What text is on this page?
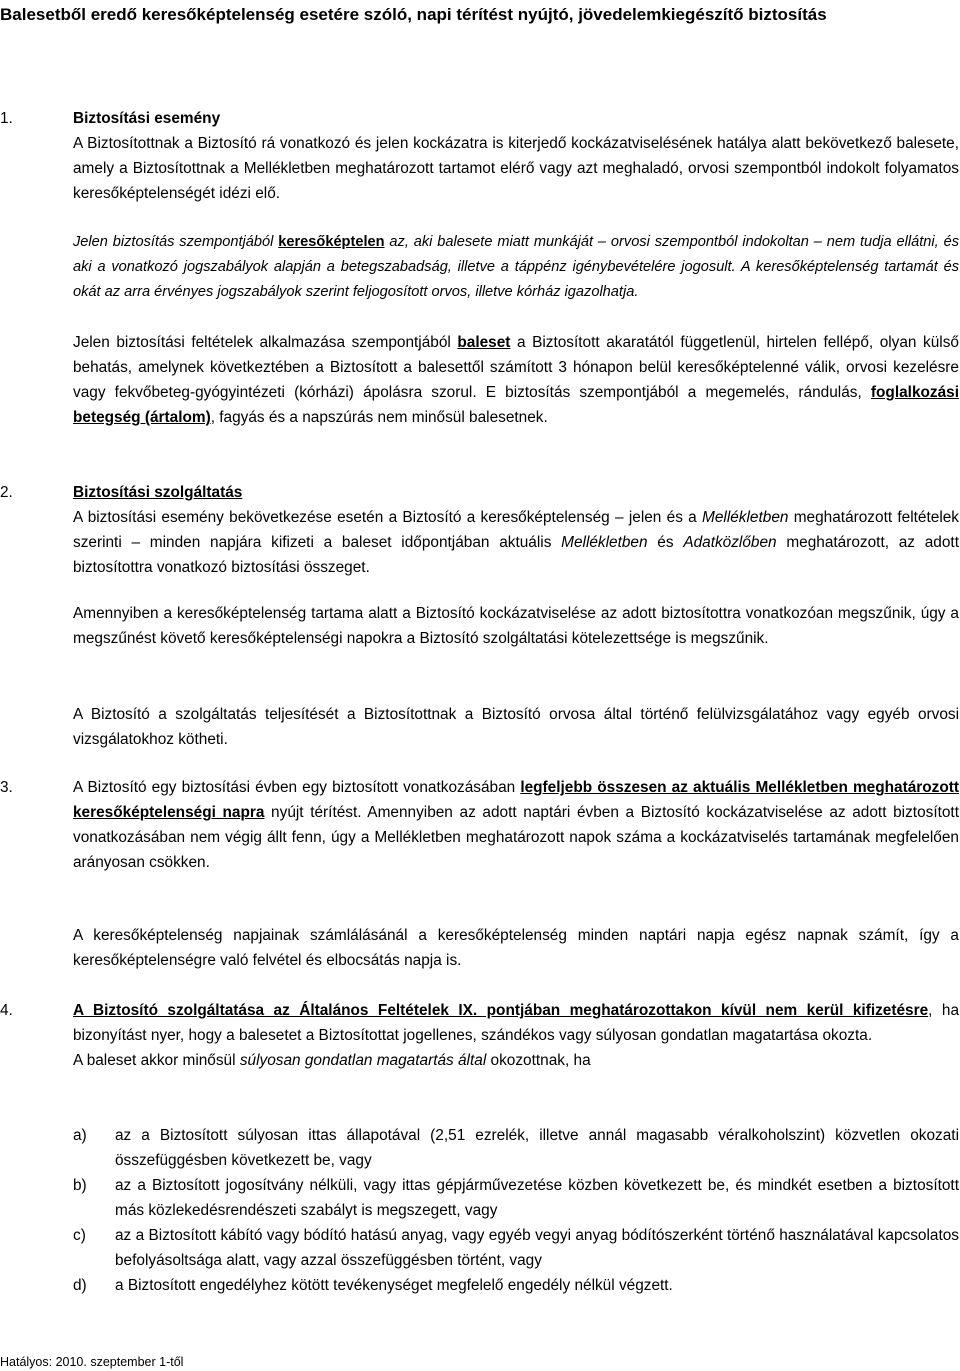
Balesetből eredő keresőképtelenség esetére szóló, napi térítést nyújtó, jövedelemkiegészítő biztosítás
1.	Biztosítási esemény

A Biztosítottnak a Biztosító rá vonatkozó és jelen kockázatra is kiterjedő kockázatviselésének hatálya alatt bekövetkező balesete, amely a Biztosítottnak a Mellékletben meghatározott tartamot elérő vagy azt meghaladó, orvosi szempontból indokolt folyamatos keresőképtelenségét idézi elő.

Jelen biztosítás szempontjából keresőképtelen az, aki balesete miatt munkáját – orvosi szempontból indokoltan – nem tudja ellátni, és aki a vonatkozó jogszabályok alapján a betegszabadság, illetve a táppénz igénybevételére jogosult. A keresőképtelenség tartamát és okát az arra érvényes jogszabályok szerint feljogosított orvos, illetve kórház igazolhatja.

Jelen biztosítási feltételek alkalmazása szempontjából baleset a Biztosított akaratától függetlenül, hirtelen fellépő, olyan külső behatás, amelynek következtében a Biztosított a balesettől számított 3 hónapon belül keresőképtelenné válik, orvosi kezelésre vagy fekvőbeteg-gyógyintézeti (kórházi) ápolásra szorul. E biztosítás szempontjából a megemelés, rándulás, foglalkozási betegség (ártalom), fagyás és a napszúrás nem minősül balesetnek.

2.	Biztosítási szolgáltatás

A biztosítási esemény bekövetkezése esetén a Biztosító a keresőképtelenség – jelen és a Mellékletben meghatározott feltételek szerinti – minden napjára kifizeti a baleset időpontjában aktuális Mellékletben és Adatközlőben meghatározott, az adott biztosítottra vonatkozó biztosítási összeget.

Amennyiben a keresőképtelenség tartama alatt a Biztosító kockázatviselése az adott biztosítottra vonatkozóan megszűnik, úgy a megszűnést követő keresőképtelenségi napokra a Biztosító szolgáltatási kötelezettsége is megszűnik.

A Biztosító a szolgáltatás teljesítését a Biztosítottnak a Biztosító orvosa által történő felülvizsgálatához vagy egyéb orvosi vizsgálatokhoz kötheti.

3.	A Biztosító egy biztosítási évben egy biztosított vonatkozásában legfeljebb összesen az aktuális Mellékletben meghatározott keresőképtelenségi napra nyújt térítést. Amennyiben az adott naptári évben a Biztosító kockázatviselése az adott biztosított vonatkozásában nem végig állt fenn, úgy a Mellékletben meghatározott napok száma a kockázatviselés tartamának megfelelően arányosan csökken.

A keresőképtelenség napjainak számlálásánál a keresőképtelenség minden naptári napja egész napnak számít, így a keresőképtelenségre való felvétel és elbocsátás napja is.

4.	A Biztosító szolgáltatása az Általános Feltételek IX. pontjában meghatározottakon kívül nem kerül kifizetésre, ha bizonyítást nyer, hogy a balesetet a Biztosítottat jogellenes, szándékos vagy súlyosan gondatlan magatartása okozta.

A baleset akkor minősül súlyosan gondatlan magatartás által okozottnak, ha

a) az a Biztosított súlyosan ittas állapotával (2,51 ezrelék, illetve annál magasabb véralkoholszint) közvetlen okozati összefüggésben következett be, vagy
b) az a Biztosított jogosítvány nélküli, vagy ittas gépjárművezetése közben következett be, és mindkét esetben a biztosított más közlekedésrendészeti szabályt is megszegett, vagy
c) az a Biztosított kábító vagy bódító hatású anyag, vagy egyéb vegyi anyag bódítószerként történő használatával kapcsolatos befolyásoltsága alatt, vagy azzal összefüggésben történt, vagy
d) a Biztosított engedélyhez kötött tevékenységet megfelelő engedély nélkül végzett.
Hatályos: 2010. szeptember 1-től
